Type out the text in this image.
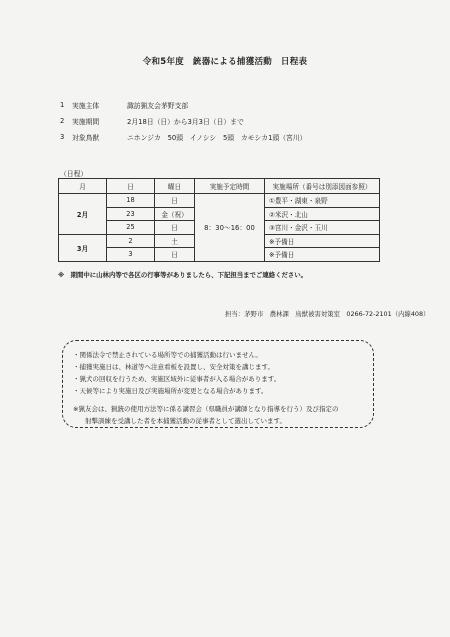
令和5年度　銃器による捕獲活動　日程表
1	実施主体	諏訪猟友会茅野支部
2	実施期間	2月18日（日）から3月3日（日）まで
3	対象鳥獣	ニホンジカ　50頭　イノシシ　5頭　カモシカ1頭（宮川）
（日程）
月	日	曜日	実施予定時間	実施場所（番号は別添図面参照）
2月	18	日	8：30～16：00	①豊平・湖東・泉野
	23	金（祝）		②米沢・北山
	25	日		③宮川・金沢・玉川
3月	2	土		※予備日
	3	日		※予備日
※　期間中に山林内等で各区の行事等がありましたら、下記担当までご連絡ください。
担当：茅野市　農林課　鳥獣被害対策室　0266-72-2101（内線408）
・関係法令で禁止されている場所等での捕獲活動は行いません。
・捕獲実施日は、林道等へ注意看板を設置し、安全対策を講じます。
・猟犬の回収を行うため、実施区域外に従事者が入る場合があります。
・天候等により実施日及び実施場所が変更となる場合があります。
※猟友会は、猟銃の使用方法等に係る講習会（県職員が講師となり指導を行う）及び指定の
射撃訓練を受講した者を本捕獲活動の従事者として選出しています。
